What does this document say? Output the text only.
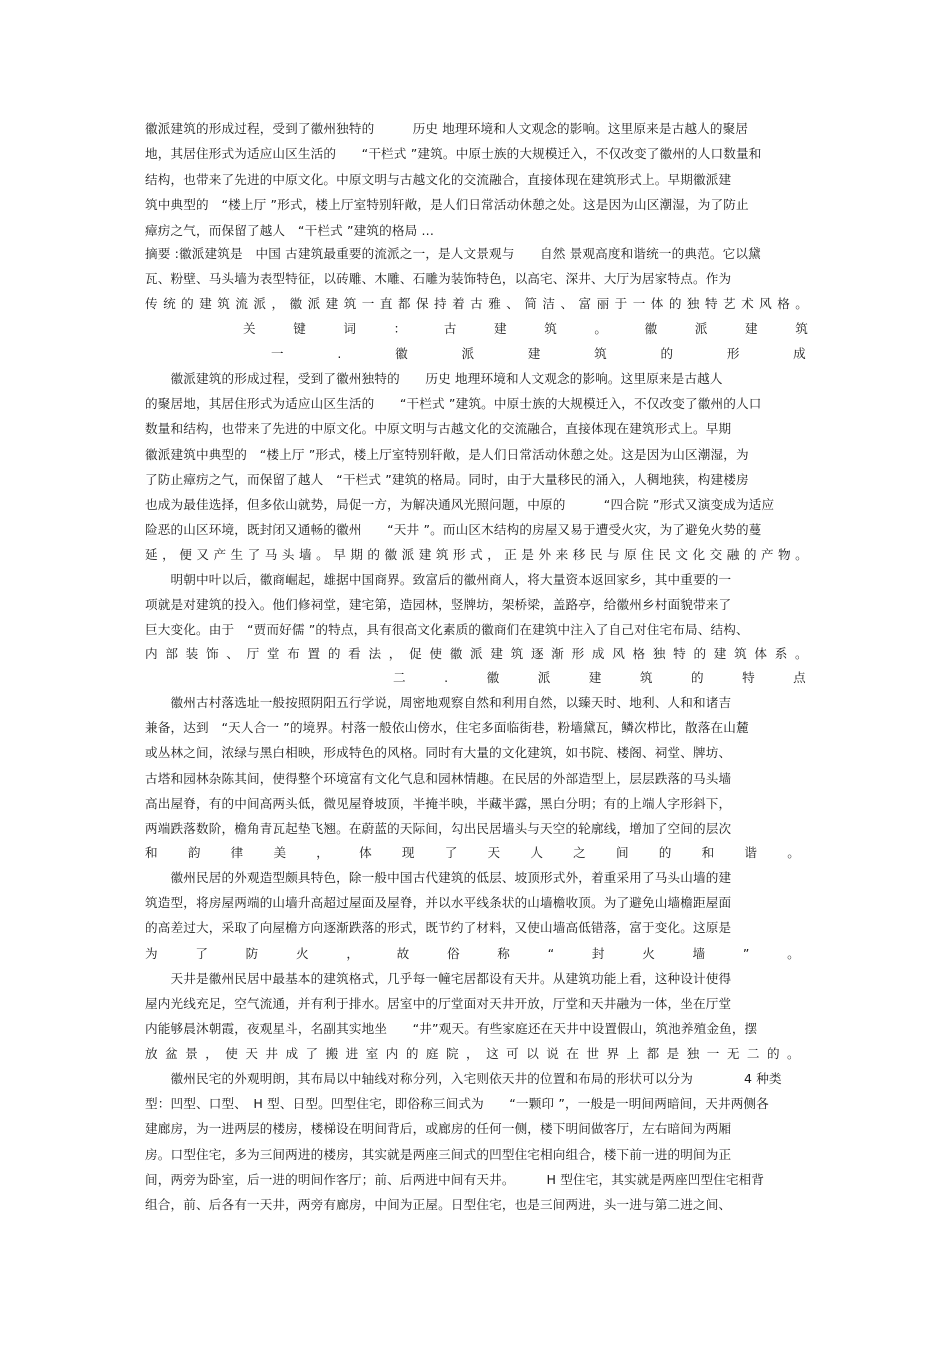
徽派建筑的形成过程，受到了徽州独特的　　　历史 地理环境和人文观念的影响。这里原来是古越人的聚居
地，其居住形式为适应山区生活的　　“干栏式 ”建筑。中原士族的大规模迁入，不仅改变了徽州的人口数量和
结构，也带来了先进的中原文化。中原文明与古越文化的交流融合，直接体现在建筑形式上。早期徽派建
筑中典型的　“楼上厅 ”形式，楼上厅室特别轩敞，是人们日常活动休憩之处。这是因为山区潮湿，为了防止
瘴疠之气，而保留了越人　“干栏式 ”建筑的格局 ...
摘要 :徽派建筑是　中国 古建筑最重要的流派之一，是人文景观与　　自然 景观高度和谐统一的典范。它以黛
瓦、粉壁、马头墙为表型特征，以砖雕、木雕、石雕为装饰特色，以高宅、深井、大厅为居家特点。作为
传 统 的 建 筑 流 派 ， 徽 派 建 筑 一 直 都 保 持 着 古 雅 、 简 洁 、 富 丽 于 一 体 的 独 特 艺 术 风 格 。
关	键	词	：	古	建	筑	。	徽	派	建	筑
一	.	徽	派	建	筑	的	形	成
　　徽派建筑的形成过程，受到了徽州独特的　　历史 地理环境和人文观念的影响。这里原来是古越人
的聚居地，其居住形式为适应山区生活的　　“干栏式 ”建筑。中原士族的大规模迁入，不仅改变了徽州的人口
数量和结构，也带来了先进的中原文化。中原文明与古越文化的交流融合，直接体现在建筑形式上。早期
徽派建筑中典型的　“楼上厅 ”形式，楼上厅室特别轩敞，是人们日常活动休憩之处。这是因为山区潮湿，为
了防止瘴疠之气，而保留了越人　“干栏式 ”建筑的格局。同时，由于大量移民的涌入，人稠地狭，构建楼房
也成为最佳选择，但多依山就势，局促一方，为解决通风光照问题，中原的　　　“四合院 ”形式又演变成为适应
险恶的山区环境，既封闭又通畅的徽州　　“天井 ”。而山区木结构的房屋又易于遭受火灾，为了避免火势的蔓
延 ， 便 又 产 生 了 马 头 墙 。 早 期 的 徽 派 建 筑 形 式 ， 正 是 外 来 移 民 与 原 住 民 文 化 交 融 的 产 物 。
　　明朝中叶以后，徽商崛起，雄据中国商界。致富后的徽州商人，将大量资本返回家乡，其中重要的一
项就是对建筑的投入。他们修祠堂，建宅第，造园林，竖牌坊，架桥梁，盖路亭，给徽州乡村面貌带来了
巨大变化。由于　“贾而好儒 ”的特点，具有很高文化素质的徽商们在建筑中注入了自己对住宅布局、结构、
内 部 装 饰 、 厅 堂 布 置 的 看 法 ， 促 使 徽 派 建 筑 逐 渐 形 成 风 格 独 特 的 建 筑 体 系 。
二	.	徽	派	建	筑	的	特	点
　　徽州古村落选址一般按照阴阳五行学说，周密地观察自然和利用自然，以臻天时、地利、人和和诸吉
兼备，达到　“天人合一 ”的境界。村落一般依山傍水，住宅多面临街巷，粉墙黛瓦，鳞次栉比，散落在山麓
或丛林之间，浓绿与黑白相映，形成特色的风格。同时有大量的文化建筑，如书院、楼阁、祠堂、牌坊、
古塔和园林杂陈其间，使得整个环境富有文化气息和园林情趣。在民居的外部造型上，层层跌落的马头墙
高出屋脊，有的中间高两头低，微见屋脊坡顶，半掩半映，半藏半露，黑白分明；有的上端人字形斜下，
两端跌落数阶，檐角青瓦起垫飞翘。在蔚蓝的天际间，勾出民居墙头与天空的轮廓线，增加了空间的层次
和 韵 律 美 ， 体 现 了 天 人 之 间 的 和 谐 。
　　徽州民居的外观造型颇具特色，除一般中国古代建筑的低层、坡顶形式外，着重采用了马头山墙的建
筑造型，将房屋两端的山墙升高超过屋面及屋脊，并以水平线条状的山墙檐收顶。为了避免山墙檐距屋面
的高差过大，采取了向屋檐方向逐渐跌落的形式，既节约了材料，又使山墙高低错落，富于变化。这原是
为	了	防	火	，	故	俗	称	“	封	火	墙	”	。
　　天井是徽州民居中最基本的建筑格式，几乎每一幢宅居都设有天井。从建筑功能上看，这种设计使得
屋内光线充足，空气流通，并有利于排水。居室中的厅堂面对天井开放，厅堂和天井融为一体，坐在厅堂
内能够晨沐朝霞，夜观星斗，名副其实地坐　　“井”观天。有些家庭还在天井中设置假山，筑池养殖金鱼，摆
放 盆 景 ， 使 天 井 成 了 搬 进 室 内 的 庭 院 ， 这 可 以 说 在 世 界 上 都 是 独 一 无 二 的 。
　　徽州民宅的外观明朗，其布局以中轴线对称分列，入宅则依天井的位置和布局的形状可以分为　　　　4 种类
型：凹型、口型、　H 型、日型。凹型住宅，即俗称三间式为　　“一颗印 ”，一般是一明间两暗间，天井两侧各
建廊房，为一进两层的楼房，楼梯设在明间背后，或廊房的任何一侧，楼下明间做客厅，左右暗间为两厢
房。口型住宅，多为三间两进的楼房，其实就是两座三间式的凹型住宅相向组合，楼下前一进的明间为正
间，两旁为卧室，后一进的明间作客厅；前、后两进中间有天井。　　　H 型住宅，其实就是两座凹型住宅相背
组合，前、后各有一天井，两旁有廊房，中间为正屋。日型住宅，也是三间两进，头一进与第二进之间、
